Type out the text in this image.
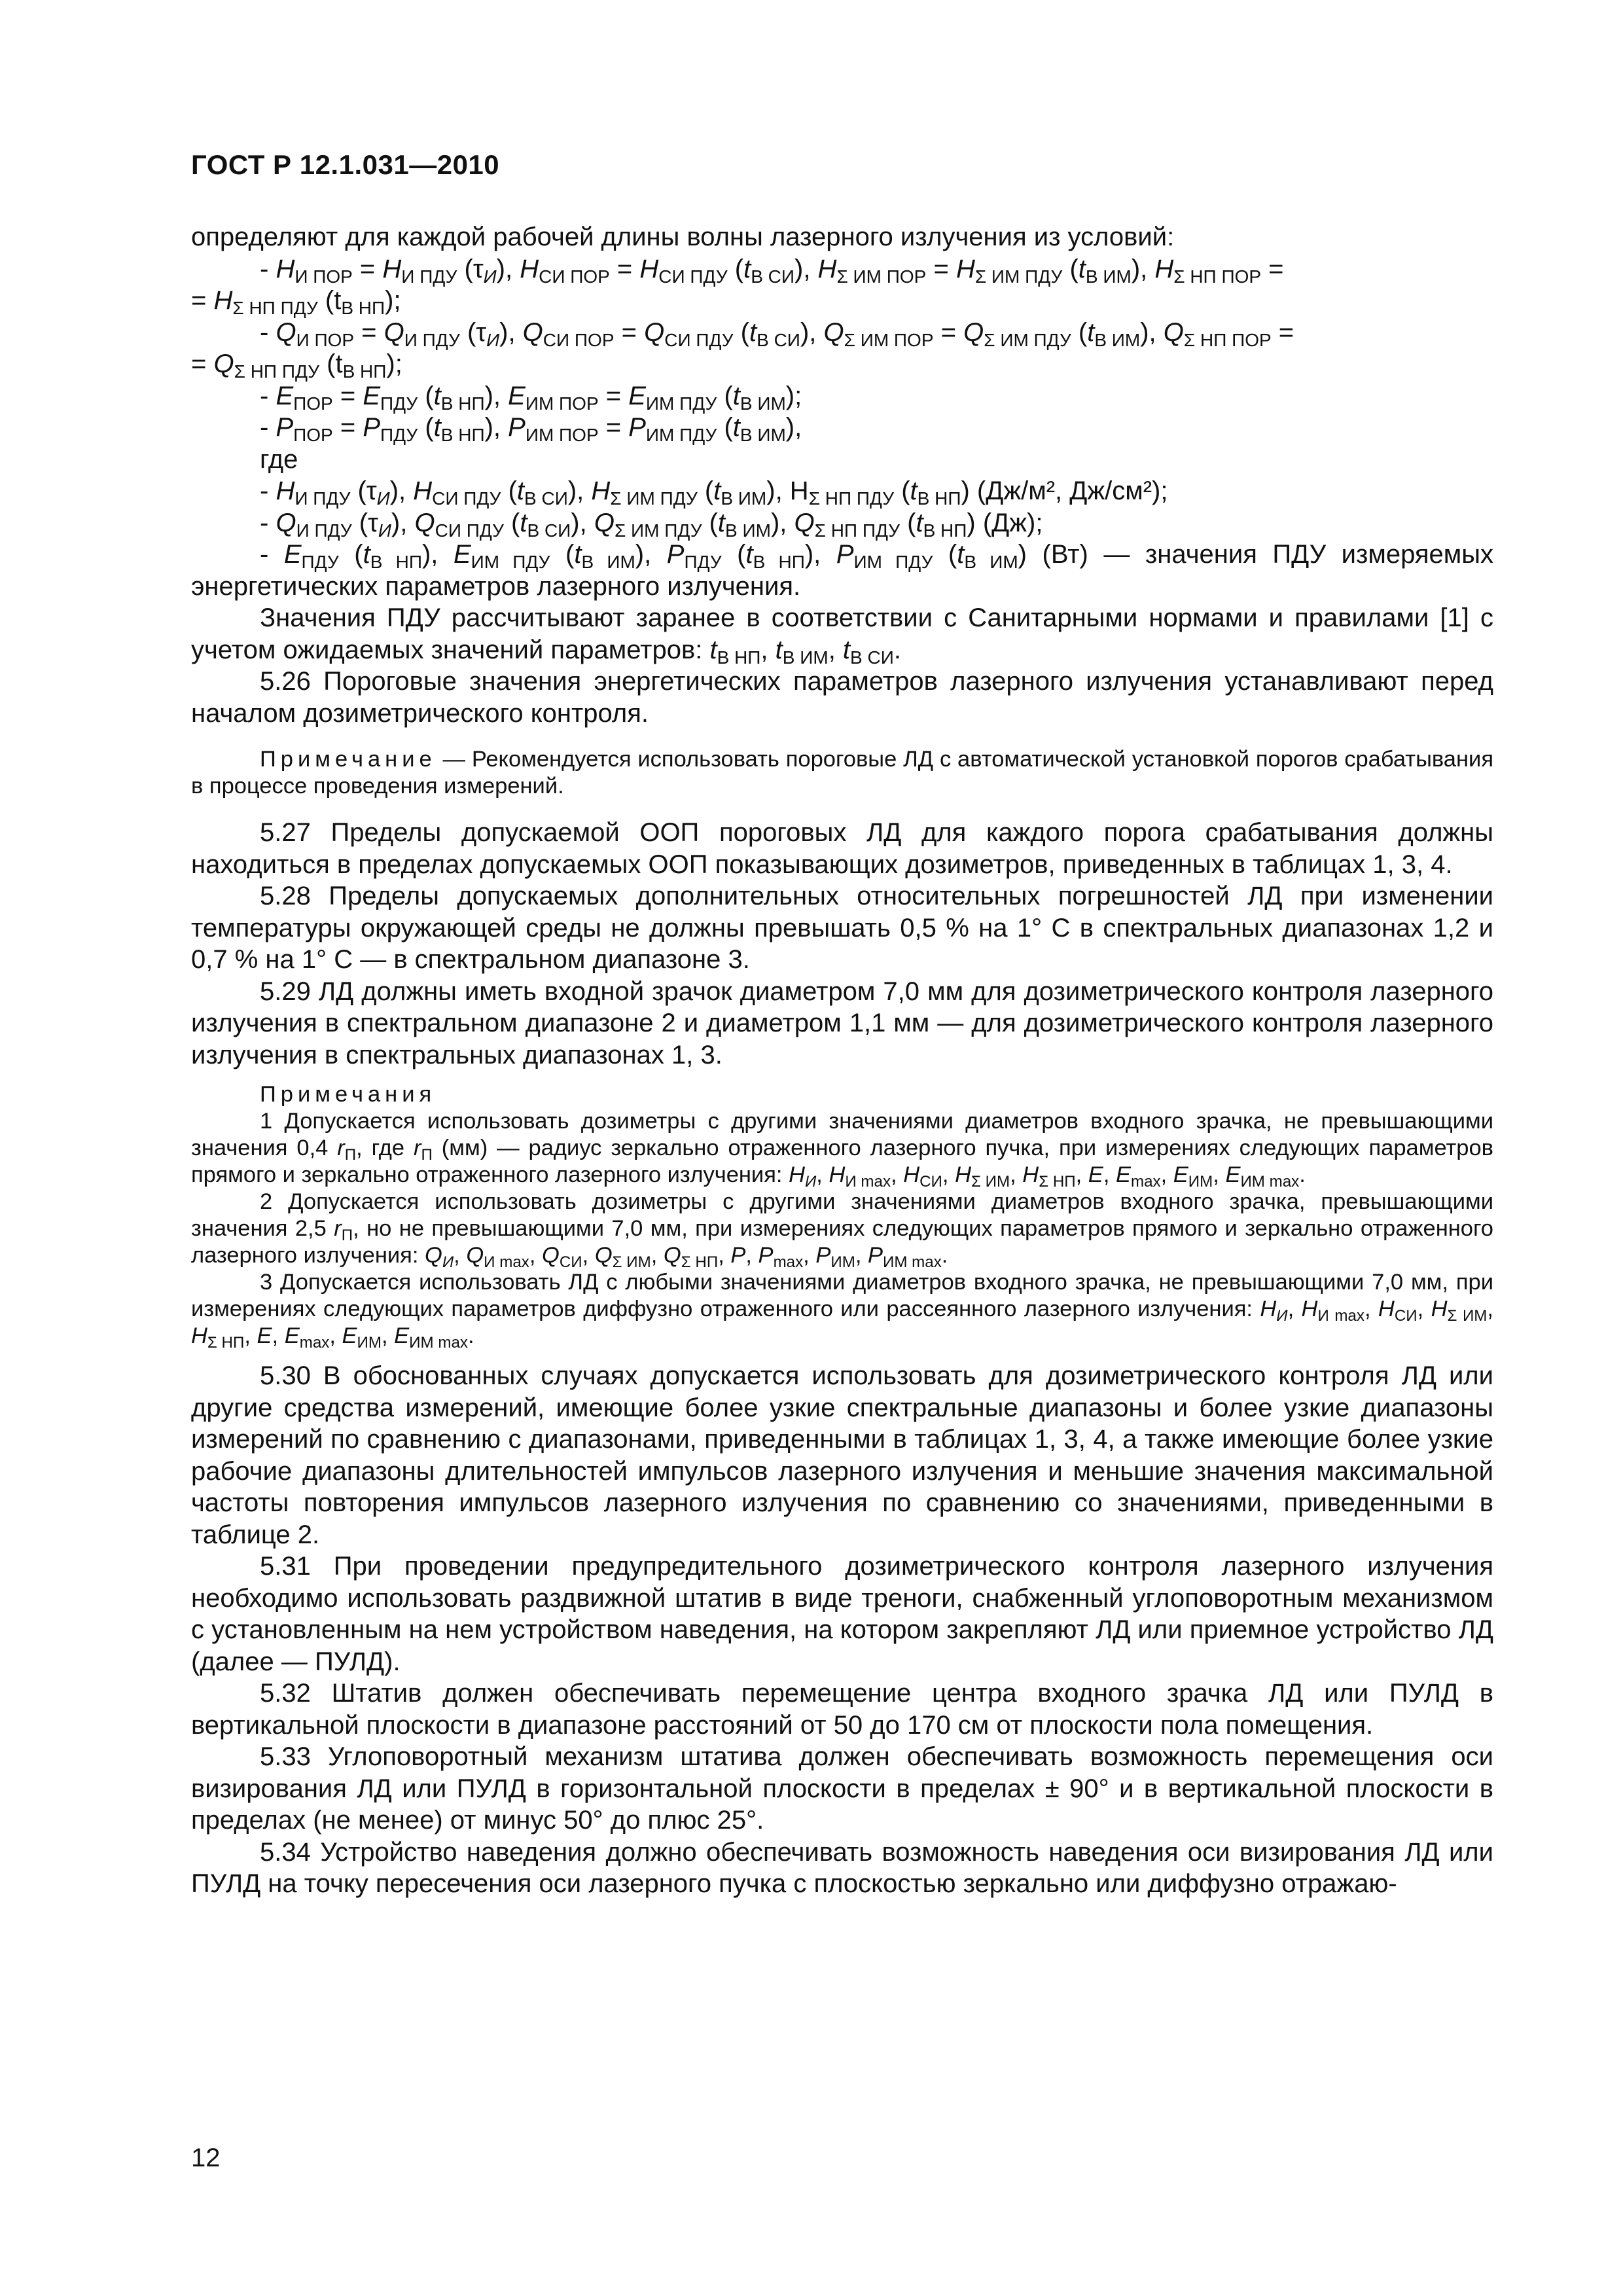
ГОСТ Р 12.1.031—2010

определяют для каждой рабочей длины волны лазерного излучения из условий:

- $H_{И ПОР} = H_{И ПДУ}$ $(\tau_И)$, $H_{СИ ПОР} = H_{СИ ПДУ}$ $(t_{В СИ})$, $H_{\Sigma ИМ ПОР} = H_{\Sigma ИМ ПДУ}$ $(t_{В ИМ})$, $H_{\Sigma НП ПОР}$ =

= $H_{\Sigma НП ПДУ}$ $(t_{В НП})$;

- $Q_{И ПОР} = Q_{И ПДУ}$ $(\tau_И)$, $Q_{СИ ПОР} = Q_{СИ ПДУ}$ $(t_{В СИ})$, $Q_{\Sigma ИМ ПОР} = Q_{\Sigma ИМ ПДУ}$ $(t_{В ИМ})$, $Q_{\Sigma НП ПОР}$ =

= $Q_{\Sigma НП ПДУ}$ $(t_{В НП})$;

- $E_{ПОР} = E_{ПДУ}$ $(t_{В НП})$, $E_{ИМ ПОР} = E_{ИМ ПДУ}$ $(t_{В ИМ})$;

- $P_{ПОР} = P_{ПДУ}$ $(t_{В НП})$, $P_{ИМ ПОР} = P_{ИМ ПДУ}$ $(t_{В ИМ})$,

где

- $H_{И ПДУ}$ $(\tau_И)$, $H_{СИ ПДУ}$ $(t_{В СИ})$, $H_{\Sigma ИМ ПДУ}$ $(t_{В ИМ})$, $H_{\Sigma НП ПДУ}$ $(t_{В НП})$ (Дж/м², Дж/см²);

- $Q_{И ПДУ}$ $(\tau_И)$, $Q_{СИ ПДУ}$ $(t_{В СИ})$, $Q_{\Sigma ИМ ПДУ}$ $(t_{В ИМ})$, $Q_{\Sigma НП ПДУ}$ $(t_{В НП})$ (Дж);

- $E_{ПДУ}$ $(t_{В НП})$, $E_{ИМ ПДУ}$ $(t_{В ИМ})$, $P_{ПДУ}$ $(t_{В НП})$, $P_{ИМ ПДУ}$ $(t_{В ИМ})$ (Вт) — значения ПДУ измеряемых энергетических параметров лазерного излучения.

Значения ПДУ рассчитывают заранее в соответствии с Санитарными нормами и правилами [1] с учетом ожидаемых значений параметров: $t_{В НП}$, $t_{В ИМ}$, $t_{В СИ}$.

5.26 Пороговые значения энергетических параметров лазерного излучения устанавливают перед началом дозиметрического контроля.

Примечание — Рекомендуется использовать пороговые ЛД с автоматической установкой порогов срабатывания в процессе проведения измерений.

5.27 Пределы допускаемой ООП пороговых ЛД для каждого порога срабатывания должны находиться в пределах допускаемых ООП показывающих дозиметров, приведенных в таблицах 1, 3, 4.

5.28 Пределы допускаемых дополнительных относительных погрешностей ЛД при изменении температуры окружающей среды не должны превышать 0,5 % на 1° С в спектральных диапазонах 1,2 и 0,7 % на 1° С — в спектральном диапазоне 3.

5.29 ЛД должны иметь входной зрачок диаметром 7,0 мм для дозиметрического контроля лазерного излучения в спектральном диапазоне 2 и диаметром 1,1 мм — для дозиметрического контроля лазерного излучения в спектральных диапазонах 1, 3.

Примечания

1 Допускается использовать дозиметры с другими значениями диаметров входного зрачка, не превышающими значения 0,4 $r_П$, где $r_П$ (мм) — радиус зеркально отраженного лазерного пучка, при измерениях следующих параметров прямого и зеркально отраженного лазерного излучения: $H_И$, $H_{И max}$, $H_{СИ}$, $H_{\Sigma ИМ}$, $H_{\Sigma НП}$, E, $E_{max}$, $E_{ИМ}$, $E_{ИМ max}$.

2 Допускается использовать дозиметры с другими значениями диаметров входного зрачка, превышающими значения 2,5 $r_П$, но не превышающими 7,0 мм, при измерениях следующих параметров прямого и зеркально отраженного лазерного излучения: $Q_И$, $Q_{И max}$, $Q_{СИ}$, $Q_{\Sigma ИМ}$, $Q_{\Sigma НП}$, P, $P_{max}$, $P_{ИМ}$, $P_{ИМ max}$.

3 Допускается использовать ЛД с любыми значениями диаметров входного зрачка, не превышающими 7,0 мм, при измерениях следующих параметров диффузно отраженного или рассеянного лазерного излучения: $H_И$, $H_{И max}$, $H_{СИ}$, $H_{\Sigma ИМ}$, $H_{\Sigma НП}$, E, $E_{max}$, $E_{ИМ}$, $E_{ИМ max}$.

5.30 В обоснованных случаях допускается использовать для дозиметрического контроля ЛД или другие средства измерений, имеющие более узкие спектральные диапазоны и более узкие диапазоны измерений по сравнению с диапазонами, приведенными в таблицах 1, 3, 4, а также имеющие более узкие рабочие диапазоны длительностей импульсов лазерного излучения и меньшие значения максимальной частоты повторения импульсов лазерного излучения по сравнению со значениями, приведенными в таблице 2.

5.31 При проведении предупредительного дозиметрического контроля лазерного излучения необходимо использовать раздвижной штатив в виде треноги, снабженный углоповоротным механизмом с установленным на нем устройством наведения, на котором закрепляют ЛД или приемное устройство ЛД (далее — ПУЛД).

5.32 Штатив должен обеспечивать перемещение центра входного зрачка ЛД или ПУЛД в вертикальной плоскости в диапазоне расстояний от 50 до 170 см от плоскости пола помещения.

5.33 Углоповоротный механизм штатива должен обеспечивать возможность перемещения оси визирования ЛД или ПУЛД в горизонтальной плоскости в пределах ± 90° и в вертикальной плоскости в пределах (не менее) от минус 50° до плюс 25°.

5.34 Устройство наведения должно обеспечивать возможность наведения оси визирования ЛД или ПУЛД на точку пересечения оси лазерного пучка с плоскостью зеркально или диффузно отражаю-

12
